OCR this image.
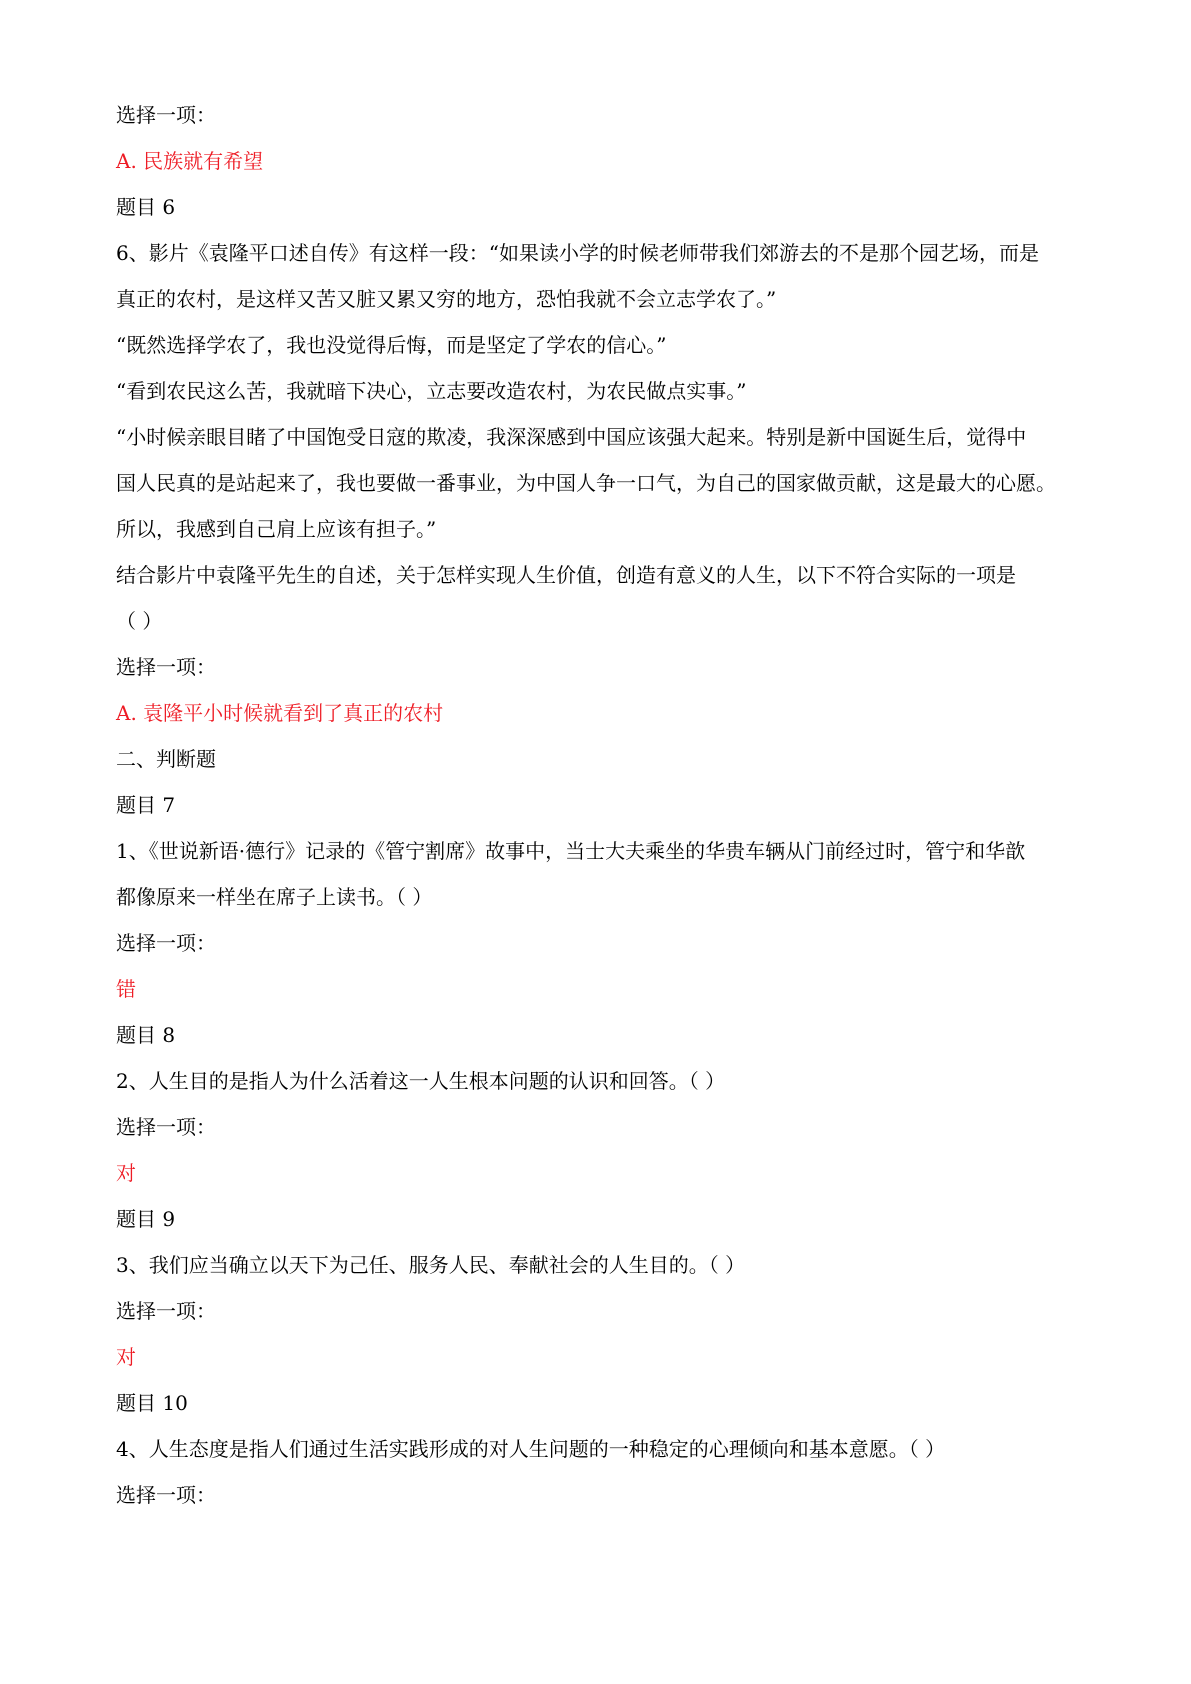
选择一项：

A. 民族就有希望

题目 6

6、影片《袁隆平口述自传》有这样一段：“如果读小学的时候老师带我们郊游去的不是那个园艺场，而是

真正的农村，是这样又苦又脏又累又穷的地方，恐怕我就不会立志学农了。”

“既然选择学农了，我也没觉得后悔，而是坚定了学农的信心。”

“看到农民这么苦，我就暗下决心，立志要改造农村，为农民做点实事。”

“小时候亲眼目睹了中国饱受日寇的欺凌，我深深感到中国应该强大起来。特别是新中国诞生后，觉得中

国人民真的是站起来了，我也要做一番事业，为中国人争一口气，为自己的国家做贡献，这是最大的心愿。

所以，我感到自己肩上应该有担子。”

结合影片中袁隆平先生的自述，关于怎样实现人生价值，创造有意义的人生，以下不符合实际的一项是

（ ）

选择一项：

A. 袁隆平小时候就看到了真正的农村

二、判断题

题目 7

1、《世说新语·德行》记录的《管宁割席》故事中，当士大夫乘坐的华贵车辆从门前经过时，管宁和华歆

都像原来一样坐在席子上读书。（ ）

选择一项：

错

题目 8

2、人生目的是指人为什么活着这一人生根本问题的认识和回答。（ ）

选择一项：

对

题目 9

3、我们应当确立以天下为己任、服务人民、奉献社会的人生目的。（ ）

选择一项：

对

题目 10

4、人生态度是指人们通过生活实践形成的对人生问题的一种稳定的心理倾向和基本意愿。（ ）

选择一项：
